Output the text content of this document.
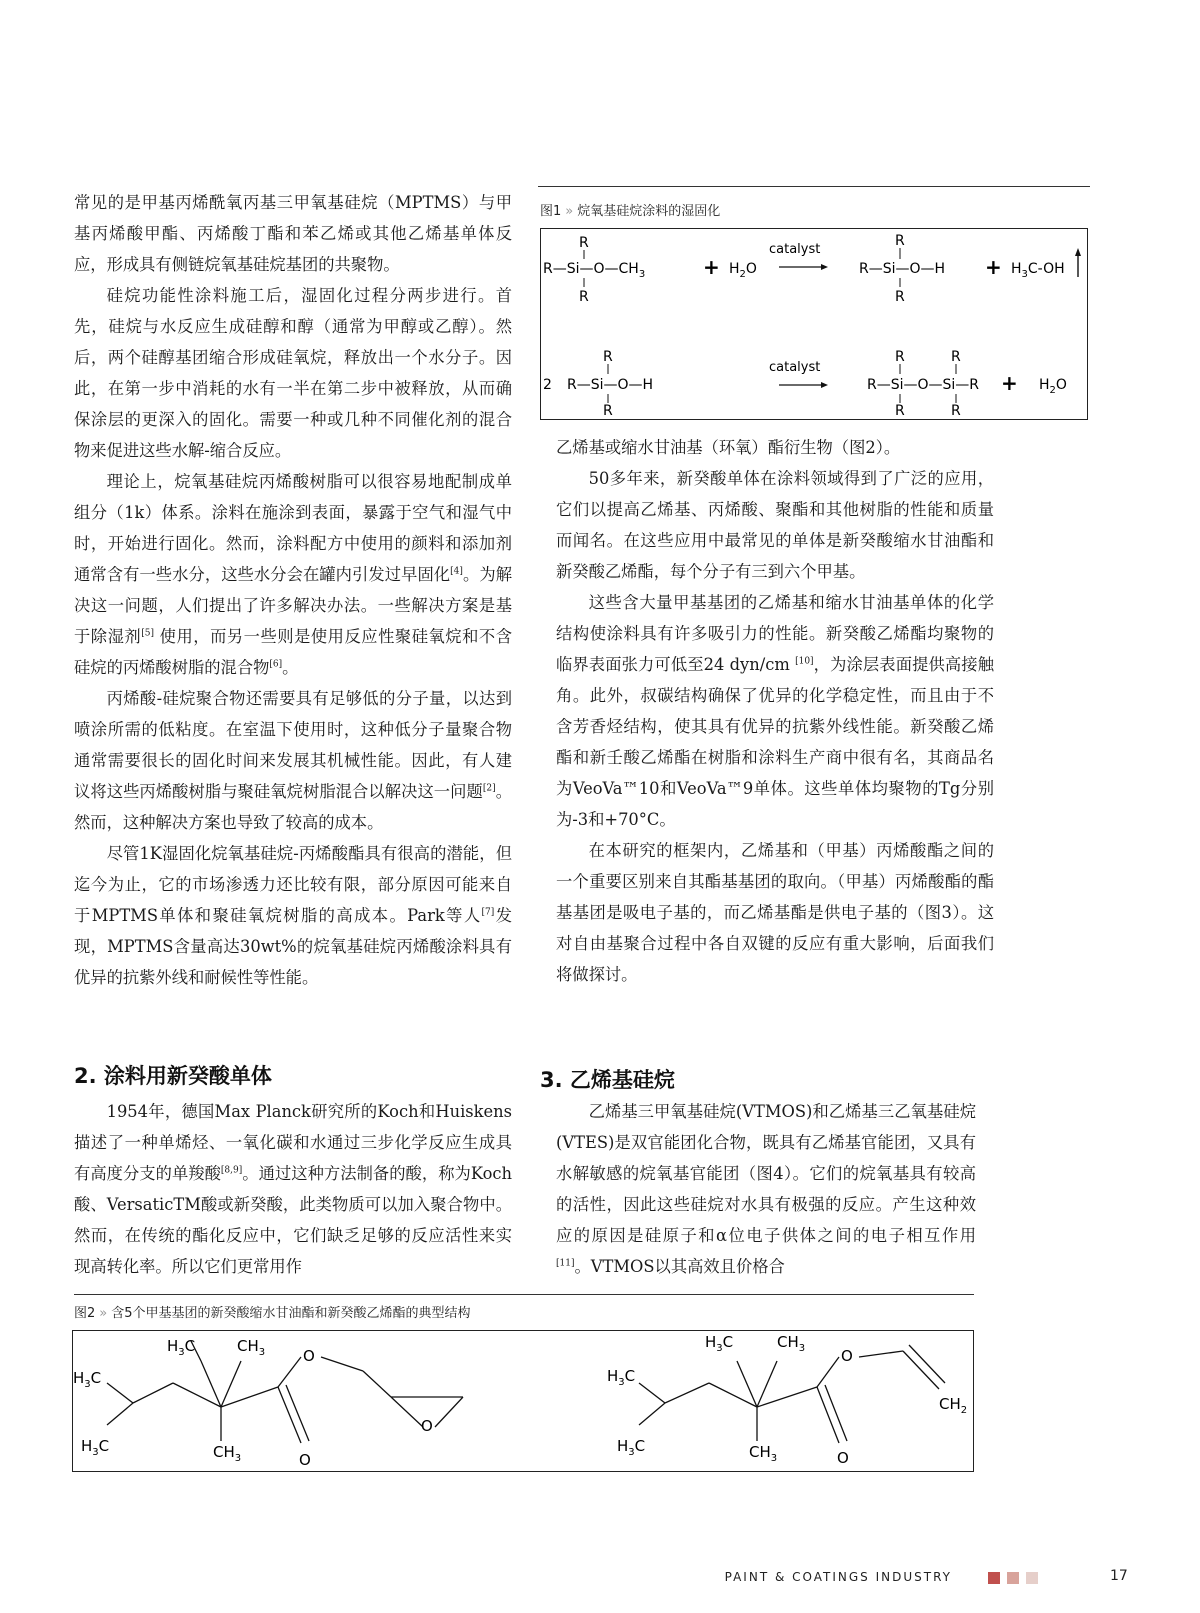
常见的是甲基丙烯酰氧丙基三甲氧基硅烷（MPTMS）与甲基丙烯酸甲酯、丙烯酸丁酯和苯乙烯或其他乙烯基单体反应，形成具有侧链烷氧基硅烷基团的共聚物。

硅烷功能性涂料施工后，湿固化过程分两步进行。首先，硅烷与水反应生成硅醇和醇（通常为甲醇或乙醇）。然后，两个硅醇基团缩合形成硅氧烷，释放出一个水分子。因此，在第一步中消耗的水有一半在第二步中被释放，从而确保涂层的更深入的固化。需要一种或几种不同催化剂的混合物来促进这些水解-缩合反应。

理论上，烷氧基硅烷丙烯酸树脂可以很容易地配制成单组分（1k）体系。涂料在施涂到表面，暴露于空气和湿气中时，开始进行固化。然而，涂料配方中使用的颜料和添加剂通常含有一些水分，这些水分会在罐内引发过早固化[4]。为解决这一问题，人们提出了许多解决办法。一些解决方案是基于除湿剂[5] 使用，而另一些则是使用反应性聚硅氧烷和不含硅烷的丙烯酸树脂的混合物[6]。

丙烯酸-硅烷聚合物还需要具有足够低的分子量，以达到喷涂所需的低粘度。在室温下使用时，这种低分子量聚合物通常需要很长的固化时间来发展其机械性能。因此，有人建议将这些丙烯酸树脂与聚硅氧烷树脂混合以解决这一问题[2]。然而，这种解决方案也导致了较高的成本。

尽管1K湿固化烷氧基硅烷-丙烯酸酯具有很高的潜能，但迄今为止，它的市场渗透力还比较有限，部分原因可能来自于MPTMS单体和聚硅氧烷树脂的高成本。Park等人[7]发现，MPTMS含量高达30wt%的烷氧基硅烷丙烯酸涂料具有优异的抗紫外线和耐候性等性能。

2. 涂料用新癸酸单体

1954年，德国Max Planck研究所的Koch和Huiskens描述了一种单烯烃、一氧化碳和水通过三步化学反应生成具有高度分支的单羧酸[8,9]。通过这种方法制备的酸，称为Koch酸、VersaticTM酸或新癸酸，此类物质可以加入聚合物中。然而，在传统的酯化反应中，它们缺乏足够的反应活性来实现高转化率。所以它们更常用作

图1 » 烷氧基硅烷涂料的湿固化
R
$R—Si—O—CH_3$
R
+ $H_2O$
catalyst
R
R—Si—O—H
R
+ $H_3C-OH$
R
2 R—Si—O—H
R
catalyst
R	R
R—Si—O—Si—R
R	R
+ $H_2O$

乙烯基或缩水甘油基（环氧）酯衍生物（图2）。

50多年来，新癸酸单体在涂料领域得到了广泛的应用，它们以提高乙烯基、丙烯酸、聚酯和其他树脂的性能和质量而闻名。在这些应用中最常见的单体是新癸酸缩水甘油酯和新癸酸乙烯酯，每个分子有三到六个甲基。

这些含大量甲基基团的乙烯基和缩水甘油基单体的化学结构使涂料具有许多吸引力的性能。新癸酸乙烯酯均聚物的临界表面张力可低至24 dyn/cm [10]，为涂层表面提供高接触角。此外，叔碳结构确保了优异的化学稳定性，而且由于不含芳香烃结构，使其具有优异的抗紫外线性能。新癸酸乙烯酯和新壬酸乙烯酯在树脂和涂料生产商中很有名，其商品名为VeoVa™10和VeoVa™9单体。这些单体均聚物的Tg分别为-3和+70°C。

在本研究的框架内，乙烯基和（甲基）丙烯酸酯之间的一个重要区别来自其酯基基团的取向。（甲基）丙烯酸酯的酯基基团是吸电子基的，而乙烯基酯是供电子基的（图3）。这对自由基聚合过程中各自双键的反应有重大影响，后面我们将做探讨。

3. 乙烯基硅烷

乙烯基三甲氧基硅烷(VTMOS)和乙烯基三乙氧基硅烷(VTES)是双官能团化合物，既具有乙烯基官能团，又具有水解敏感的烷氧基官能团（图4）。它们的烷氧基具有较高的活性，因此这些硅烷对水具有极强的反应。产生这种效应的原因是硅原子和α位电子供体之间的电子相互作用[11]。VTMOS以其高效且价格合

图2 » 含5个甲基基团的新癸酸缩水甘油酯和新癸酸乙烯酯的典型结构
$H_3C$	$CH_3$
$H_3C$
$H_3C$	$CH_3$
O
O
O
$H_3C$	$CH_3$
$H_3C$
$H_3C$	$CH_3$
O
O
$CH_2$
PAINT & COATINGS INDUSTRY	17
